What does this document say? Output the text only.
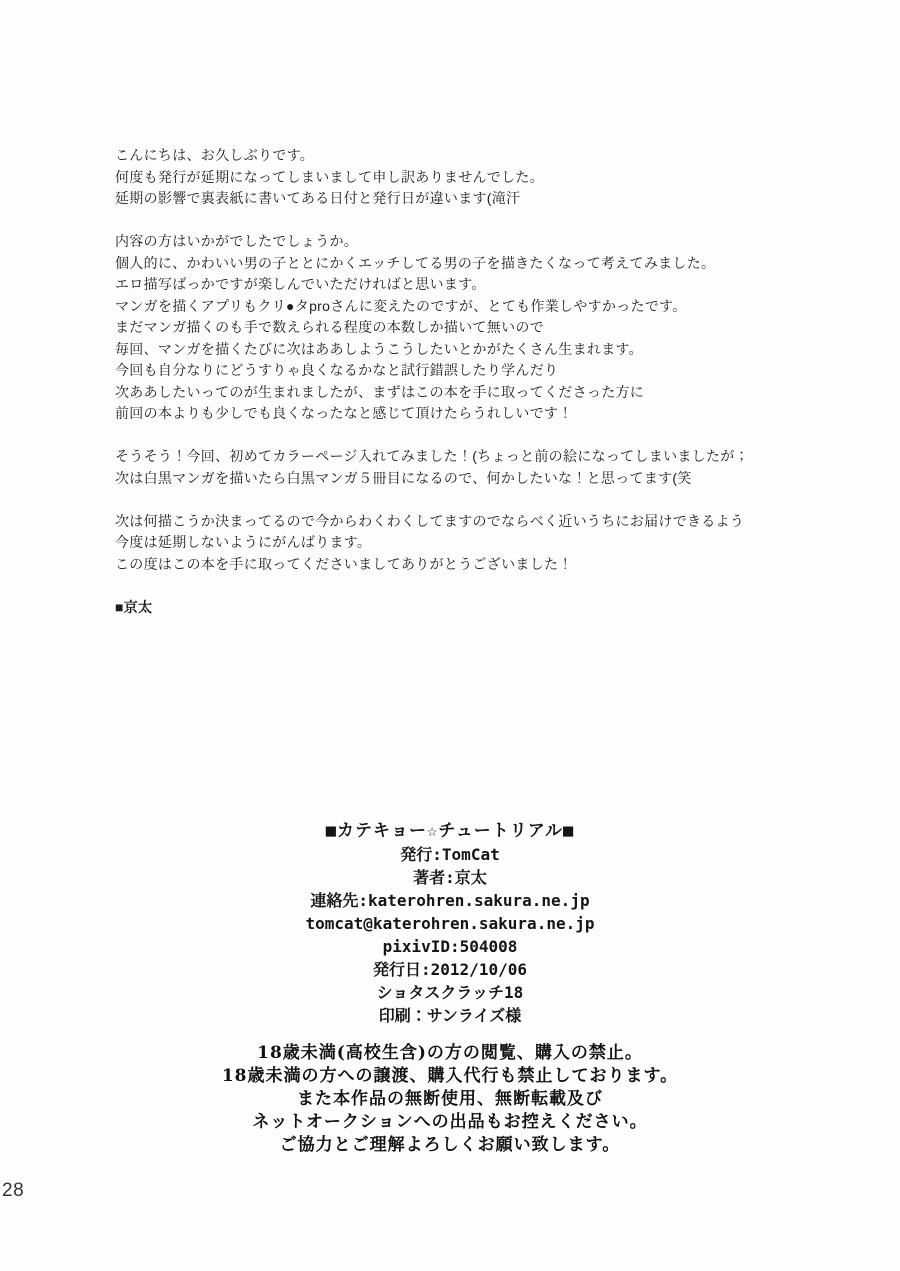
こんにちは、お久しぶりです。
何度も発行が延期になってしまいまして申し訳ありませんでした。
延期の影響で裏表紙に書いてある日付と発行日が違います(滝汗
内容の方はいかがでしたでしょうか。
個人的に、かわいい男の子ととにかくエッチしてる男の子を描きたくなって考えてみました。
エロ描写ばっかですが楽しんでいただければと思います。
マンガを描くアプリもクリ●タproさんに変えたのですが、とても作業しやすかったです。
まだマンガ描くのも手で数えられる程度の本数しか描いて無いので
毎回、マンガを描くたびに次はああしようこうしたいとかがたくさん生まれます。
今回も自分なりにどうすりゃ良くなるかなと試行錯誤したり学んだり
次ああしたいってのが生まれましたが、まずはこの本を手に取ってくださった方に
前回の本よりも少しでも良くなったなと感じて頂けたらうれしいです！
そうそう！今回、初めてカラーページ入れてみました！(ちょっと前の絵になってしまいましたが；
次は白黒マンガを描いたら白黒マンガ５冊目になるので、何かしたいな！と思ってます(笑
次は何描こうか決まってるので今からわくわくしてますのでならべく近いうちにお届けできるよう
今度は延期しないようにがんばります。
この度はこの本を手に取ってくださいましてありがとうございました！
■京太
■カテキョー☆チュートリアル■
発行:TomCat
著者:京太
連絡先:katerohren.sakura.ne.jp
tomcat@katerohren.sakura.ne.jp
pixivID:504008
発行日:2012/10/06
ショタスクラッチ18
印刷：サンライズ様
18歳未満(高校生含)の方の閲覧、購入の禁止。
18歳未満の方への譲渡、購入代行も禁止しております。
また本作品の無断使用、無断転載及び
ネットオークションへの出品もお控えください。
ご協力とご理解よろしくお願い致します。
28
